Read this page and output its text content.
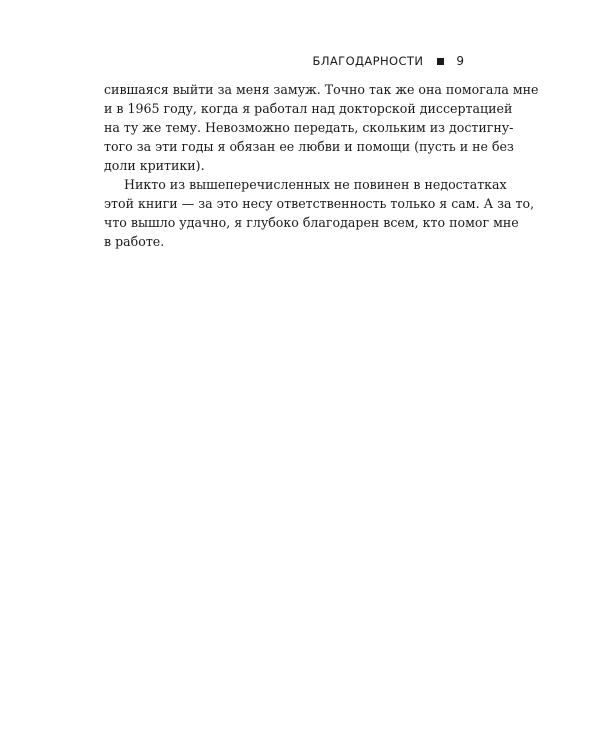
БЛАГОДАРНОСТИ	9
сившаяся выйти за меня замуж. Точно так же она помогала мне
и в 1965 году, когда я работал над докторской диссертацией
на ту же тему. Невозможно передать, скольким из достигну-
того за эти годы я обязан ее любви и помощи (пусть и не без
доли критики).
Никто из вышеперечисленных не повинен в недостатках
этой книги — за это несу ответственность только я сам. А за то,
что вышло удачно, я глубоко благодарен всем, кто помог мне
в работе.
